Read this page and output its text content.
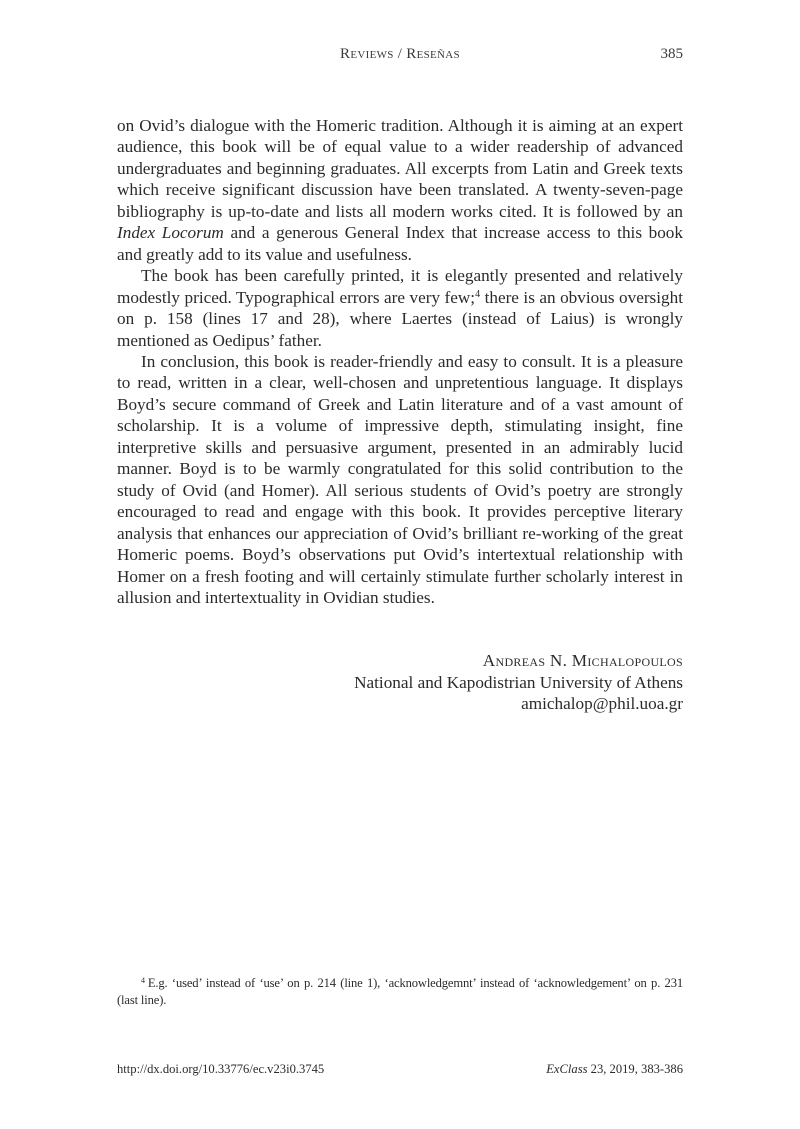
Reviews / Reseñas	385

on Ovid’s dialogue with the Homeric tradition. Although it is aiming at an expert audience, this book will be of equal value to a wider readership of advanced undergraduates and beginning graduates. All excerpts from Latin and Greek texts which receive significant discussion have been translated. A twenty-seven-page bibliography is up-to-date and lists all modern works cited. It is followed by an Index Locorum and a generous General Index that increase access to this book and greatly add to its value and usefulness.

The book has been carefully printed, it is elegantly presented and relatively modestly priced. Typographical errors are very few;$^4$ there is an obvious oversight on p. 158 (lines 17 and 28), where Laertes (instead of Laius) is wrongly mentioned as Oedipus’ father.

In conclusion, this book is reader-friendly and easy to consult. It is a pleasure to read, written in a clear, well-chosen and unpretentious language. It displays Boyd’s secure command of Greek and Latin literature and of a vast amount of scholarship. It is a volume of impressive depth, stimulating insight, fine interpretive skills and persuasive argument, presented in an admirably lucid manner. Boyd is to be warmly congratulated for this solid contribution to the study of Ovid (and Homer). All serious students of Ovid’s poetry are strongly encouraged to read and engage with this book. It provides perceptive literary analysis that enhances our appreciation of Ovid’s brilliant re-working of the great Homeric poems. Boyd’s observations put Ovid’s intertextual relationship with Homer on a fresh footing and will certainly stimulate further scholarly interest in allusion and intertextuality in Ovidian studies.

Andreas N. Michalopoulos
National and Kapodistrian University of Athens
amichalop@phil.uoa.gr

$^4$ E.g. ‘used’ instead of ‘use’ on p. 214 (line 1), ‘acknowledgemnt’ instead of ‘acknowledgement’ on p. 231 (last line).

http://dx.doi.org/10.33776/ec.v23i0.3745	ExClass 23, 2019, 383-386
